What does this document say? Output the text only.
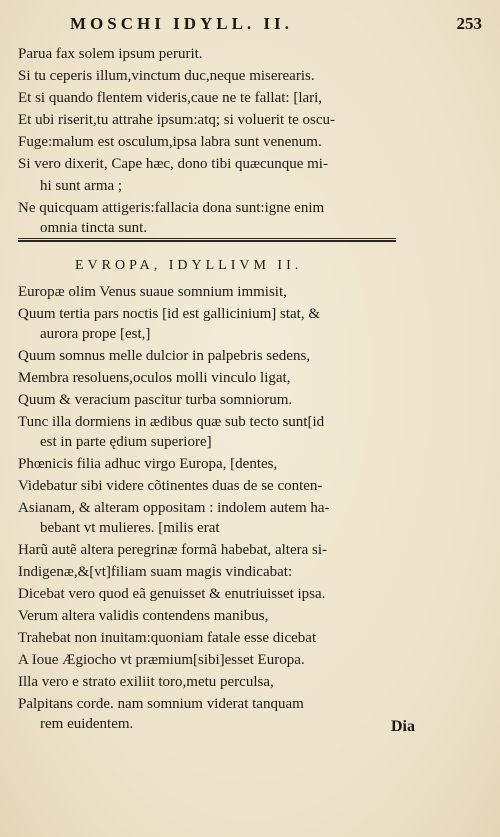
MOSCHI IDYLL. II.	253
Parua fax solem ipsum perurit.
Si tu ceperis illum,vinctum duc,neque miserearis.
Et si quando flentem videris,caue ne te fallat: [lari,
Et ubi riserit,tu attrahe ipsum:atq; si voluerit te oscu-
Fuge:malum est osculum,ipsa labra sunt venenum.
Si vero dixerit, Cape hæc, dono tibi quæcunque mi-
hi sunt arma ;
Ne quicquam attigeris:fallacia dona sunt:igne enim
omnia tincta sunt.
EVROPA, IDYLLIVM II.
Europæ olim Venus suaue somnium immisit,
Quum tertia pars noctis [id est gallicinium] stat, &
aurora prope [est,]
Quum somnus melle dulcior in palpebris sedens,
Membra resoluens,oculos molli vinculo ligat,
Quum & veracium pascitur turba somniorum.
Tunc illa dormiens in ædibus quæ sub tecto sunt[id
est in parte ędium superiore]
Phœnicis filia adhuc virgo Europa, [dentes,
Videbatur sibi videre cõtinentes duas de se conten-
Asianam, & alteram oppositam : indolem autem ha-
bebant vt mulieres. [milis erat
Harũ autẽ altera peregrinæ formã habebat, altera si-
Indigenæ,&[vt]filiam suam magis vindicabat:
Dicebat vero quod eã genuisset & enutriuisset ipsa.
Verum altera validis contendens manibus,
Trahebat non inuitam:quoniam fatale esse dicebat
A Ioue Ægiocho vt præmium[sibi]esset Europa.
Illa vero e strato exiliit toro,metu perculsa,
Palpitans corde. nam somnium viderat tanquam
rem euidentem.	Dia
